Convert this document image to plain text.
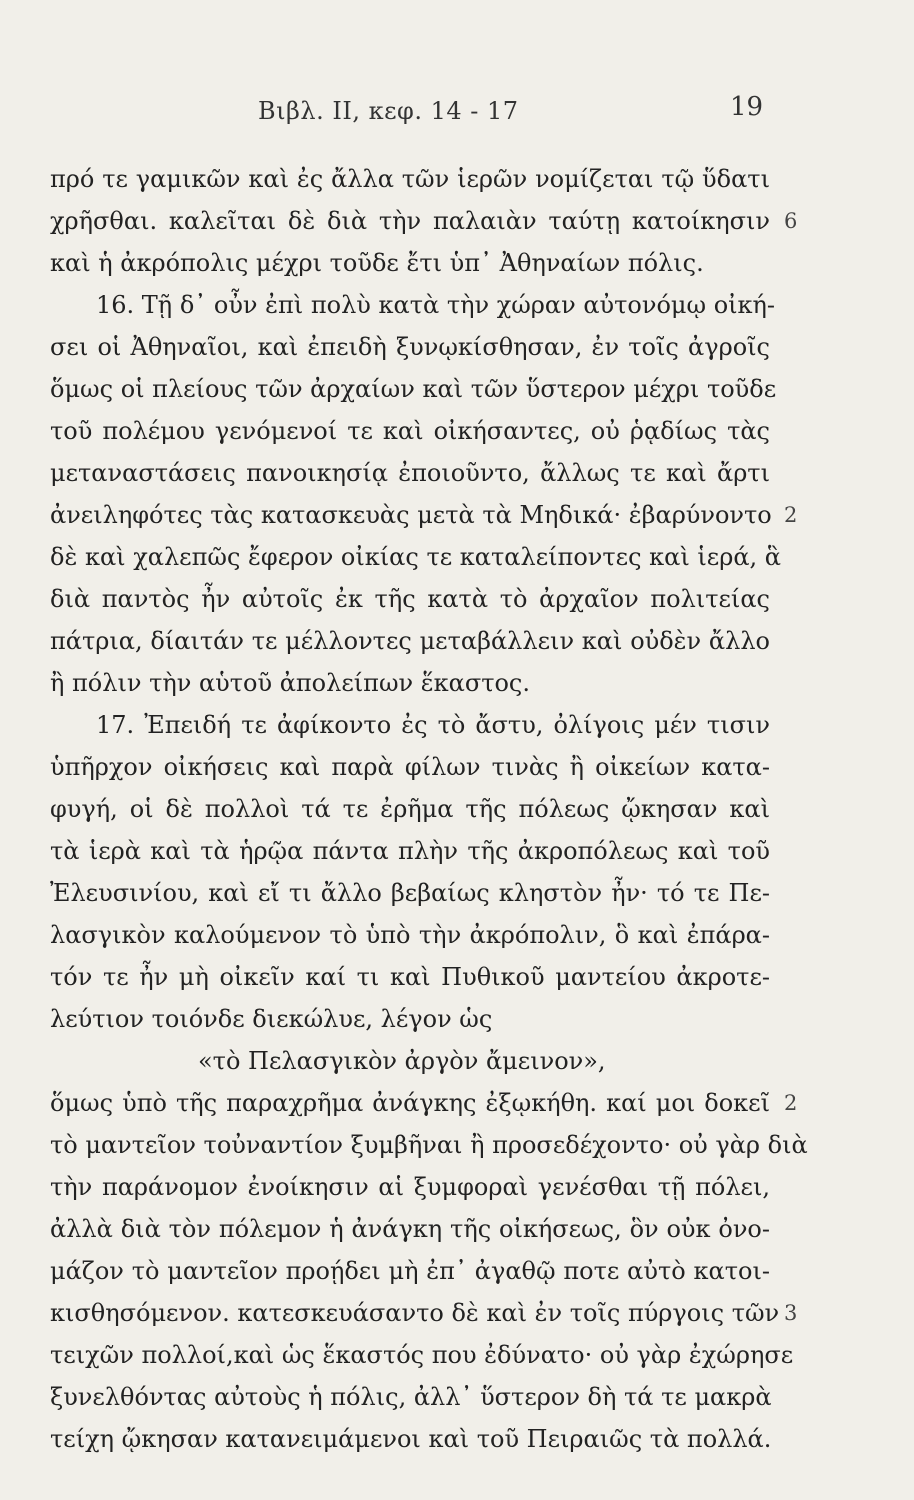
Βιβλ. II, κεφ. 14 - 17	19
πρό τε γαμικῶν καὶ ἐς ἄλλα τῶν ἱερῶν νομίζεται τῷ ὕδατι
χρῆσθαι. καλεῖται δὲ διὰ τὴν παλαιὰν ταύτῃ κατοίκησιν 6
καὶ ἡ ἀκρόπολις μέχρι τοῦδε ἔτι ὑπ᾽ Ἀθηναίων πόλις.
16. Τῇ δ᾽ οὖν ἐπὶ πολὺ κατὰ τὴν χώραν αὐτονόμῳ οἰκή-
σει οἱ Ἀθηναῖοι, καὶ ἐπειδὴ ξυνῳκίσθησαν, ἐν τοῖς ἀγροῖς
ὅμως οἱ πλείους τῶν ἀρχαίων καὶ τῶν ὕστερον μέχρι τοῦδε
τοῦ πολέμου γενόμενοί τε καὶ οἰκήσαντες, οὐ ῥᾳδίως τὰς
μεταναστάσεις πανοικησίᾳ ἐποιοῦντο, ἄλλως τε καὶ ἄρτι
ἀνειληφότες τὰς κατασκευὰς μετὰ τὰ Μηδικά· ἐβαρύνοντο 2
δὲ καὶ χαλεπῶς ἔφερον οἰκίας τε καταλείποντες καὶ ἱερά, ἃ
διὰ παντὸς ἦν αὐτοῖς ἐκ τῆς κατὰ τὸ ἀρχαῖον πολιτείας
πάτρια, δίαιτάν τε μέλλοντες μεταβάλλειν καὶ οὐδὲν ἄλλο
ἢ πόλιν τὴν αὑτοῦ ἀπολείπων ἕκαστος.
17. Ἐπειδή τε ἀφίκοντο ἐς τὸ ἄστυ, ὀλίγοις μέν τισιν
ὑπῆρχον οἰκήσεις καὶ παρὰ φίλων τινὰς ἢ οἰκείων κατα-
φυγή, οἱ δὲ πολλοὶ τά τε ἐρῆμα τῆς πόλεως ᾤκησαν καὶ
τὰ ἱερὰ καὶ τὰ ἡρῷα πάντα πλὴν τῆς ἀκροπόλεως καὶ τοῦ
Ἐλευσινίου, καὶ εἴ τι ἄλλο βεβαίως κληστὸν ἦν· τό τε Πε-
λασγικὸν καλούμενον τὸ ὑπὸ τὴν ἀκρόπολιν, ὃ καὶ ἐπάρα-
τόν τε ἦν μὴ οἰκεῖν καί τι καὶ Πυθικοῦ μαντείου ἀκροτε-
λεύτιον τοιόνδε διεκώλυε, λέγον ὡς
«τὸ Πελασγικὸν ἀργὸν ἄμεινον»,
ὅμως ὑπὸ τῆς παραχρῆμα ἀνάγκης ἐξῳκήθη. καί μοι δοκεῖ 2
τὸ μαντεῖον τοὐναντίον ξυμβῆναι ἢ προσεδέχοντο· οὐ γὰρ διὰ
τὴν παράνομον ἐνοίκησιν αἱ ξυμφοραὶ γενέσθαι τῇ πόλει,
ἀλλὰ διὰ τὸν πόλεμον ἡ ἀνάγκη τῆς οἰκήσεως, ὃν οὐκ ὀνο-
μάζον τὸ μαντεῖον προῄδει μὴ ἐπ᾽ ἀγαθῷ ποτε αὐτὸ κατοι-
κισθησόμενον. κατεσκευάσαντο δὲ καὶ ἐν τοῖς πύργοις τῶν 3
τειχῶν πολλοί,καὶ ὡς ἕκαστός που ἐδύνατο· οὐ γὰρ ἐχώρησε
ξυνελθόντας αὐτοὺς ἡ πόλις, ἀλλ᾽ ὕστερον δὴ τά τε μακρὰ
τείχη ᾤκησαν κατανειμάμενοι καὶ τοῦ Πειραιῶς τὰ πολλά.
